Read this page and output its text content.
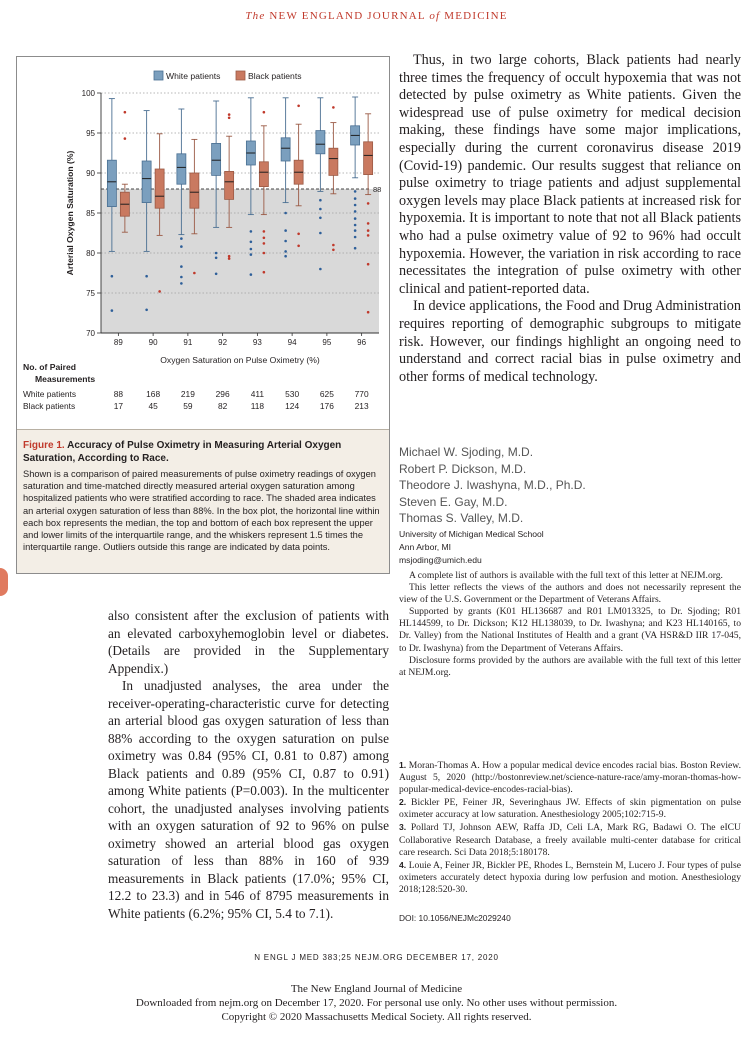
The NEW ENGLAND JOURNAL of MEDICINE
70
75
80
85
90
95
100
88
89	90	91	92	93	94	95	96
Oxygen Saturation on Pulse Oximetry (%)
Arterial Oxygen Saturation (%)
White patients	Black patients
No. of Paired
Measurements
White patients	88	168 219 296	411	530 625 770
Black patients	17	45	59	82	118	124 176 213
Figure 1. Accuracy of Pulse Oximetry in Measuring Arterial Oxygen Saturation, According to Race.
Shown is a comparison of paired measurements of pulse oximetry readings of oxygen saturation and time-matched directly measured arterial oxygen saturation among hospitalized patients who were stratified according to race. The shaded area indicates an arterial oxygen saturation of less than 88%. In the box plot, the horizontal line within each box represents the median, the top and bottom of each box represent the upper and lower limits of the interquartile range, and the whiskers represent 1.5 times the interquartile range. Outliers outside this range are indicated by data points.

Thus, in two large cohorts, Black patients had nearly three times the frequency of occult hypoxemia that was not detected by pulse oximetry as White patients. Given the widespread use of pulse oximetry for medical decision making, these findings have some major implications, especially during the current coronavirus disease 2019 (Covid-19) pandemic. Our results suggest that reliance on pulse oximetry to triage patients and adjust supplemental oxygen levels may place Black patients at increased risk for hypoxemia. It is important to note that not all Black patients who had a pulse oximetry value of 92 to 96% had occult hypoxemia. However, the variation in risk according to race necessitates the integration of pulse oximetry with other clinical and patient-reported data.

In device applications, the Food and Drug Administration requires reporting of demographic subgroups to mitigate risk. However, our findings highlight an ongoing need to understand and correct racial bias in pulse oximetry and other forms of medical technology.

Michael W. Sjoding, M.D.
Robert P. Dickson, M.D.
Theodore J. Iwashyna, M.D., Ph.D.
Steven E. Gay, M.D.
Thomas S. Valley, M.D.
University of Michigan Medical School
Ann Arbor, MI
msjoding@umich.edu

A complete list of authors is available with the full text of this letter at NEJM.org.

This letter reflects the views of the authors and does not necessarily represent the view of the U.S. Government or the Department of Veterans Affairs.

Supported by grants (K01 HL136687 and R01 LM013325, to Dr. Sjoding; R01 HL144599, to Dr. Dickson; K12 HL138039, to Dr. Iwashyna; and K23 HL140165, to Dr. Valley) from the National Institutes of Health and a grant (VA HSR&D IIR 17-045, to Dr. Iwashyna) from the Department of Veterans Affairs.

Disclosure forms provided by the authors are available with the full text of this letter at NEJM.org.

1. Moran-Thomas A. How a popular medical device encodes racial bias. Boston Review. August 5, 2020 (http://bostonreview.net/science-nature-race/amy-moran-thomas-how-popular-medical-device-encodes-racial-bias).
2. Bickler PE, Feiner JR, Severinghaus JW. Effects of skin pigmentation on pulse oximeter accuracy at low saturation. Anesthesiology 2005;102:715-9.
3. Pollard TJ, Johnson AEW, Raffa JD, Celi LA, Mark RG, Badawi O. The eICU Collaborative Research Database, a freely available multi-center database for critical care research. Sci Data 2018;5:180178.
4. Louie A, Feiner JR, Bickler PE, Rhodes L, Bernstein M, Lucero J. Four types of pulse oximeters accurately detect hypoxia during low perfusion and motion. Anesthesiology 2018;128:520-30.
DOI: 10.1056/NEJMc2029240

also consistent after the exclusion of patients with an elevated carboxyhemoglobin level or diabetes. (Details are provided in the Supplementary Appendix.)

In unadjusted analyses, the area under the receiver-operating-characteristic curve for detecting an arterial blood gas oxygen saturation of less than 88% according to the oxygen saturation on pulse oximetry was 0.84 (95% CI, 0.81 to 0.87) among Black patients and 0.89 (95% CI, 0.87 to 0.91) among White patients (P=0.003). In the multicenter cohort, the unadjusted analyses involving patients with an oxygen saturation of 92 to 96% on pulse oximetry showed an arterial blood gas oxygen saturation of less than 88% in 160 of 939 measurements in Black patients (17.0%; 95% CI, 12.2 to 23.3) and in 546 of 8795 measurements in White patients (6.2%; 95% CI, 5.4 to 7.1).

N ENGL J MED 383;25 NEJM.ORG DECEMBER 17, 2020
The New England Journal of Medicine
Downloaded from nejm.org on December 17, 2020. For personal use only. No other uses without permission.
Copyright © 2020 Massachusetts Medical Society. All rights reserved.
